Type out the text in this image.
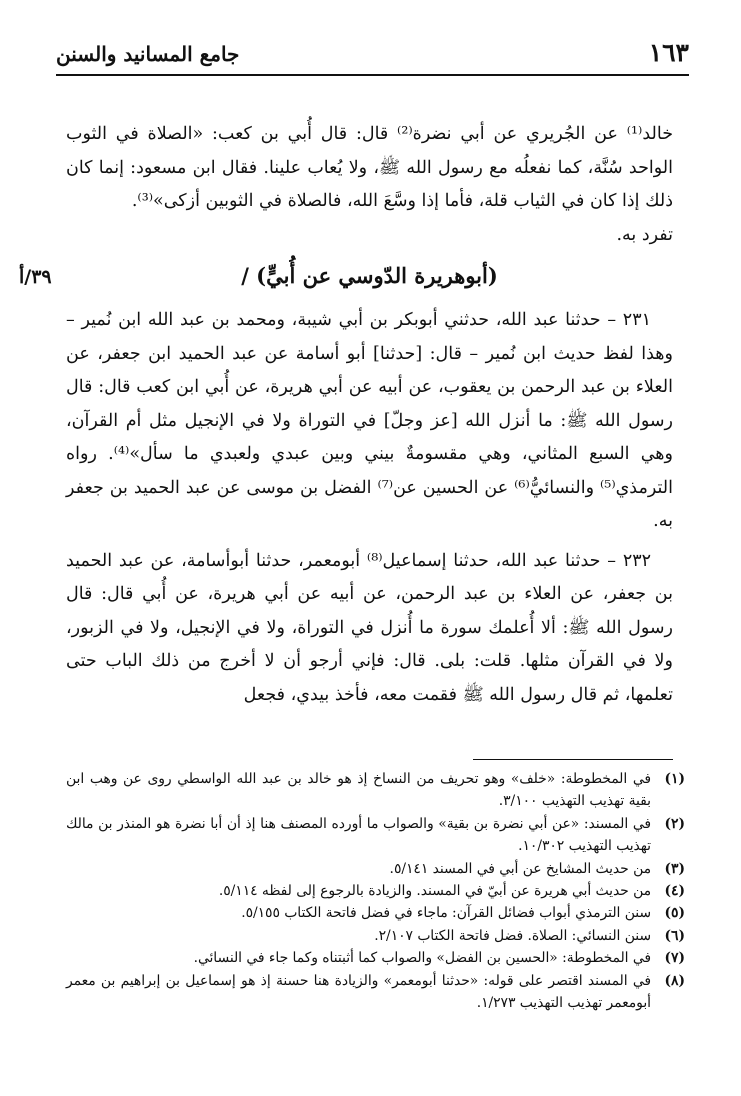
١٦٣
جامع المسانيد والسنن

خالد⁽¹⁾ عن الجُريري عن أبي نضرة⁽²⁾ قال: قال أُبي بن كعب: «الصلاة في الثوب الواحد سُنَّة، كما نفعلُه مع رسول الله ﷺ، ولا يُعاب علينا. فقال ابن مسعود: إنما كان ذلك إذا كان في الثياب قلة، فأما إذا وسَّعَ الله، فالصلاة في الثوبين أزكى»⁽³⁾.

تفرد به.

(أبوهريرة الدّوسي عن أُبيٍّ) /
٣٩/أ

٢٣١ – حدثنا عبد الله، حدثني أبوبكر بن أبي شيبة، ومحمد بن عبد الله ابن نُمير – وهذا لفظ حديث ابن نُمير – قال: [حدثنا] أبو أسامة عن عبد الحميد ابن جعفر، عن العلاء بن عبد الرحمن بن يعقوب، عن أبيه عن أبي هريرة، عن أُبي ابن كعب قال: قال رسول الله ﷺ: ما أنزل الله [عز وجلّ] في التوراة ولا في الإنجيل مثل أم القرآن، وهي السبع المثاني، وهي مقسومةٌ بيني وبين عبدي ولعبدي ما سأل»⁽⁴⁾. رواه الترمذي⁽⁵⁾ والنسائيُّ⁽⁶⁾ عن الحسين عن⁽⁷⁾ الفضل بن موسى عن عبد الحميد بن جعفر به.

٢٣٢ – حدثنا عبد الله، حدثنا إسماعيل⁽⁸⁾ أبومعمر، حدثنا أبوأسامة، عن عبد الحميد بن جعفر، عن العلاء بن عبد الرحمن، عن أبيه عن أبي هريرة، عن أُبي قال: قال رسول الله ﷺ: ألا أُعلمك سورة ما أُنزل في التوراة، ولا في الإنجيل، ولا في الزبور، ولا في القرآن مثلها. قلت: بلى. قال: فإني أرجو أن لا أخرج من ذلك الباب حتى تعلمها، ثم قال رسول الله ﷺ فقمت معه، فأخذ بيدي، فجعل

(١)
في المخطوطة: «خلف» وهو تحريف من النساخ إذ هو خالد بن عبد الله الواسطي روى عن وهب ابن بقية تهذيب التهذيب ٣/١٠٠.
(٢)
في المسند: «عن أبي نضرة بن بقية» والصواب ما أورده المصنف هنا إذ أن أبا نضرة هو المنذر بن مالك تهذيب التهذيب ١٠/٣٠٢.
(٣)
من حديث المشايخ عن أبي في المسند ٥/١٤١.
(٤)
من حديث أبي هريرة عن أبيّ في المسند. والزيادة بالرجوع إلى لفظه ٥/١١٤.
(٥)
سنن الترمذي أبواب فضائل القرآن: ماجاء في فضل فاتحة الكتاب ٥/١٥٥.
(٦)
سنن النسائي: الصلاة. فضل فاتحة الكتاب ٢/١٠٧.
(٧)
في المخطوطة: «الحسين بن الفضل» والصواب كما أثبتناه وكما جاء في النسائي.
(٨)
في المسند اقتصر على قوله: «حدثنا أبومعمر» والزيادة هنا حسنة إذ هو إسماعيل بن إبراهيم بن معمر أبومعمر تهذيب التهذيب ١/٢٧٣.
